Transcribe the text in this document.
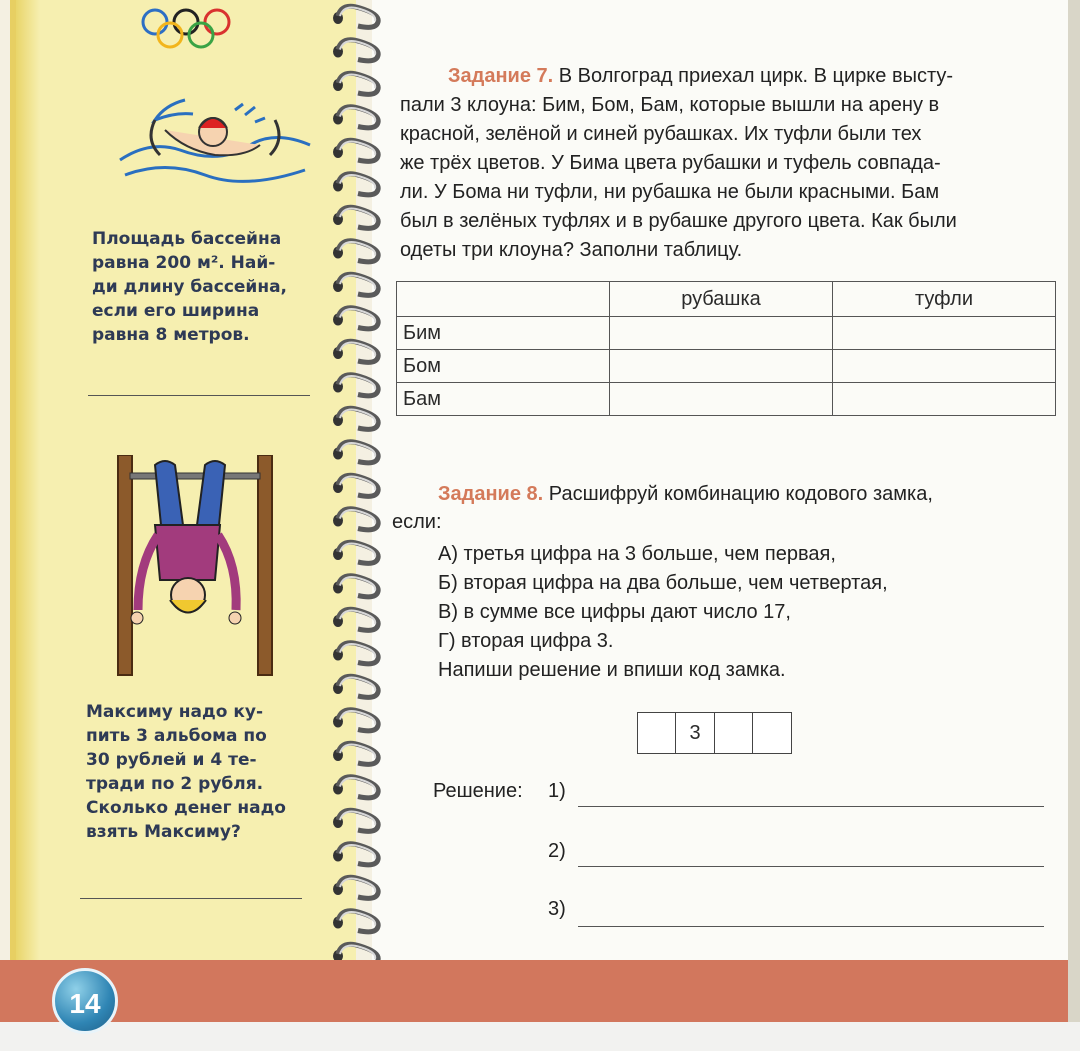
Площадь бассейна
равна 200 м². Най-
ди длину бассейна,
если его ширина
равна 8 метров.
Максиму надо ку-
пить 3 альбома по
30 рублей и 4 те-
тради по 2 рубля.
Сколько денег надо
взять Максиму?
Задание 7. В Волгоград приехал цирк. В цирке высту-
пали 3 клоуна: Бим, Бом, Бам, которые вышли на арену в
красной, зелёной и синей рубашках. Их туфли были тех
же трёх цветов. У Бима цвета рубашки и туфель совпада-
ли. У Бома ни туфли, ни рубашка не были красными. Бам
был в зелёных туфлях и в рубашке другого цвета. Как были
одеты три клоуна? Заполни таблицу.
	рубашка	туфли
Бим		
Бом		
Бам		
Задание 8. Расшифруй комбинацию кодового замка,
если:
А) третья цифра на 3 больше, чем первая,
Б) вторая цифра на два больше, чем четвертая,
В) в сумме все цифры дают число 17,
Г) вторая цифра 3.
Напиши решение и впиши код замка.
3
Решение: 1)
2)
3)
14
